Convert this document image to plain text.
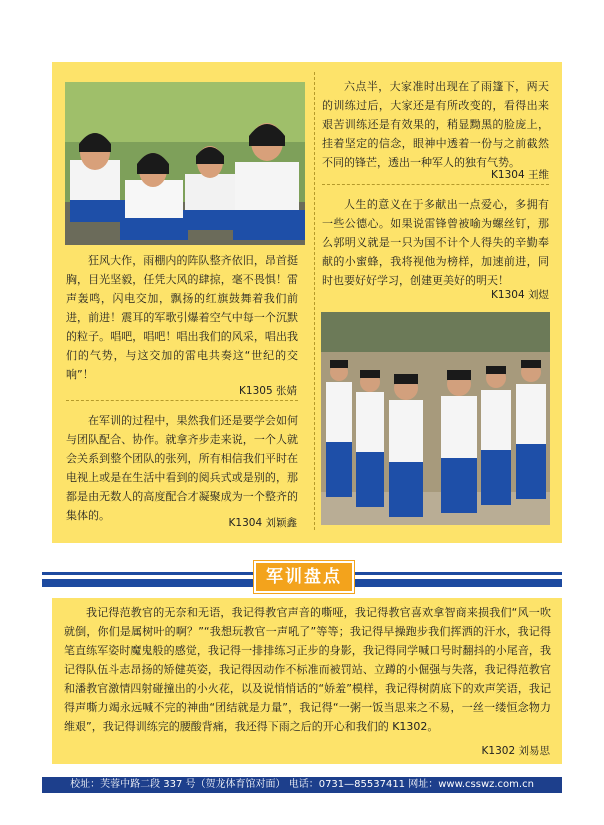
狂风大作，雨棚内的阵队整齐依旧，昂首挺胸，目光坚毅，任凭大风的肆掠，毫不畏惧！雷声轰鸣，闪电交加，飘扬的红旗鼓舞着我们前进，前进！震耳的军歌引爆着空气中每一个沉默的粒子。唱吧，唱吧！唱出我们的风采，唱出我们的气势，与这交加的雷电共奏这“世纪的交响”！

K1305 张婧

在军训的过程中，果然我们还是要学会如何与团队配合、协作。就拿齐步走来说，一个人就会关系到整个团队的张列，所有相信我们平时在电视上或是在生活中看到的阅兵式或是别的，那都是由无数人的高度配合才凝聚成为一个整齐的集体的。

K1304 刘颖鑫

六点半，大家准时出现在了雨篷下，两天的训练过后，大家还是有所改变的，看得出来艰苦训练还是有效果的，稍显黝黑的脸庞上，挂着坚定的信念，眼神中透着一份与之前截然不同的锋芒，透出一种军人的独有气势。

K1304 王维

人生的意义在于多献出一点爱心，多拥有一些公德心。如果说雷锋曾被喻为螺丝钉，那么郭明义就是一只为国不计个人得失的辛勤奉献的小蜜蜂，我将视他为榜样，加速前进，同时也要好好学习，创建更美好的明天！

K1304 刘煜
军训盘点

我记得范教官的无奈和无语，我记得教官声音的嘶哑，我记得教官喜欢拿智商来损我们“风一吹就倒，你们是属树叶的啊？”“我想玩教官一声吼了”等等；我记得早操跑步我们挥洒的汗水，我记得笔直练军姿时魔鬼般的感觉，我记得一排排练习正步的身影，我记得同学喊口号时翻抖的小尾音，我记得队伍斗志昂扬的矫健英姿，我记得因动作不标准而被罚站、立蹲的小倔强与失落，我记得范教官和潘教官激情四射碰撞出的小火花，以及说悄悄话的“娇羞”模样，我记得树荫底下的欢声笑语，我记得声嘶力竭永远喊不完的神曲“团结就是力量”，我记得“一粥一饭当思来之不易，一丝一缕恒念物力维艰”，我记得训练完的腰酸背痛，我还得下雨之后的开心和我们的 K1302。

K1302 刘易思
校址：芙蓉中路二段 337 号（贺龙体育馆对面） 电话：0731—85537411 网址：www.csswz.com.cn
